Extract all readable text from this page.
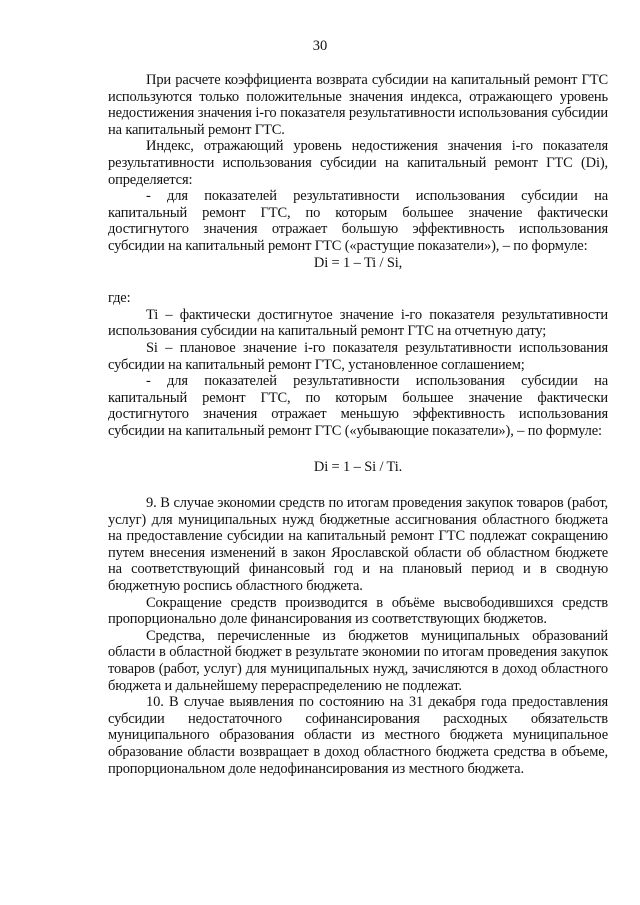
30

При расчете коэффициента возврата субсидии на капитальный ремонт ГТС используются только положительные значения индекса, отражающего уровень недостижения значения i-го показателя результативности использования субсидии на капитальный ремонт ГТС.

Индекс, отражающий уровень недостижения значения i-го показателя результативности использования субсидии на капитальный ремонт ГТС (Di), определяется:

- для показателей результативности использования субсидии на капитальный ремонт ГТС, по которым большее значение фактически достигнутого значения отражает большую эффективность использования субсидии на капитальный ремонт ГТС («растущие показатели»), – по формуле:

Di = 1 – Ti / Si,

где:

Ti – фактически достигнутое значение i-го показателя результативности использования субсидии на капитальный ремонт ГТС на отчетную дату;

Si – плановое значение i-го показателя результативности использования субсидии на капитальный ремонт ГТС, установленное соглашением;

- для показателей результативности использования субсидии на капитальный ремонт ГТС, по которым большее значение фактически достигнутого значения отражает меньшую эффективность использования субсидии на капитальный ремонт ГТС («убывающие показатели»), – по формуле:

Di = 1 – Si / Ti.

9. В случае экономии средств по итогам проведения закупок товаров (работ, услуг) для муниципальных нужд бюджетные ассигнования областного бюджета на предоставление субсидии на капитальный ремонт ГТС подлежат сокращению путем внесения изменений в закон Ярославской области об областном бюджете на соответствующий финансовый год и на плановый период и в сводную бюджетную роспись областного бюджета.

Сокращение средств производится в объёме высвободившихся средств пропорционально доле финансирования из соответствующих бюджетов.

Средства, перечисленные из бюджетов муниципальных образований области в областной бюджет в результате экономии по итогам проведения закупок товаров (работ, услуг) для муниципальных нужд, зачисляются в доход областного бюджета и дальнейшему перераспределению не подлежат.

10. В случае выявления по состоянию на 31 декабря года предоставления субсидии недостаточного софинансирования расходных обязательств муниципального образования области из местного бюджета муниципальное образование области возвращает в доход областного бюджета средства в объеме, пропорциональном доле недофинансирования из местного бюджета.
